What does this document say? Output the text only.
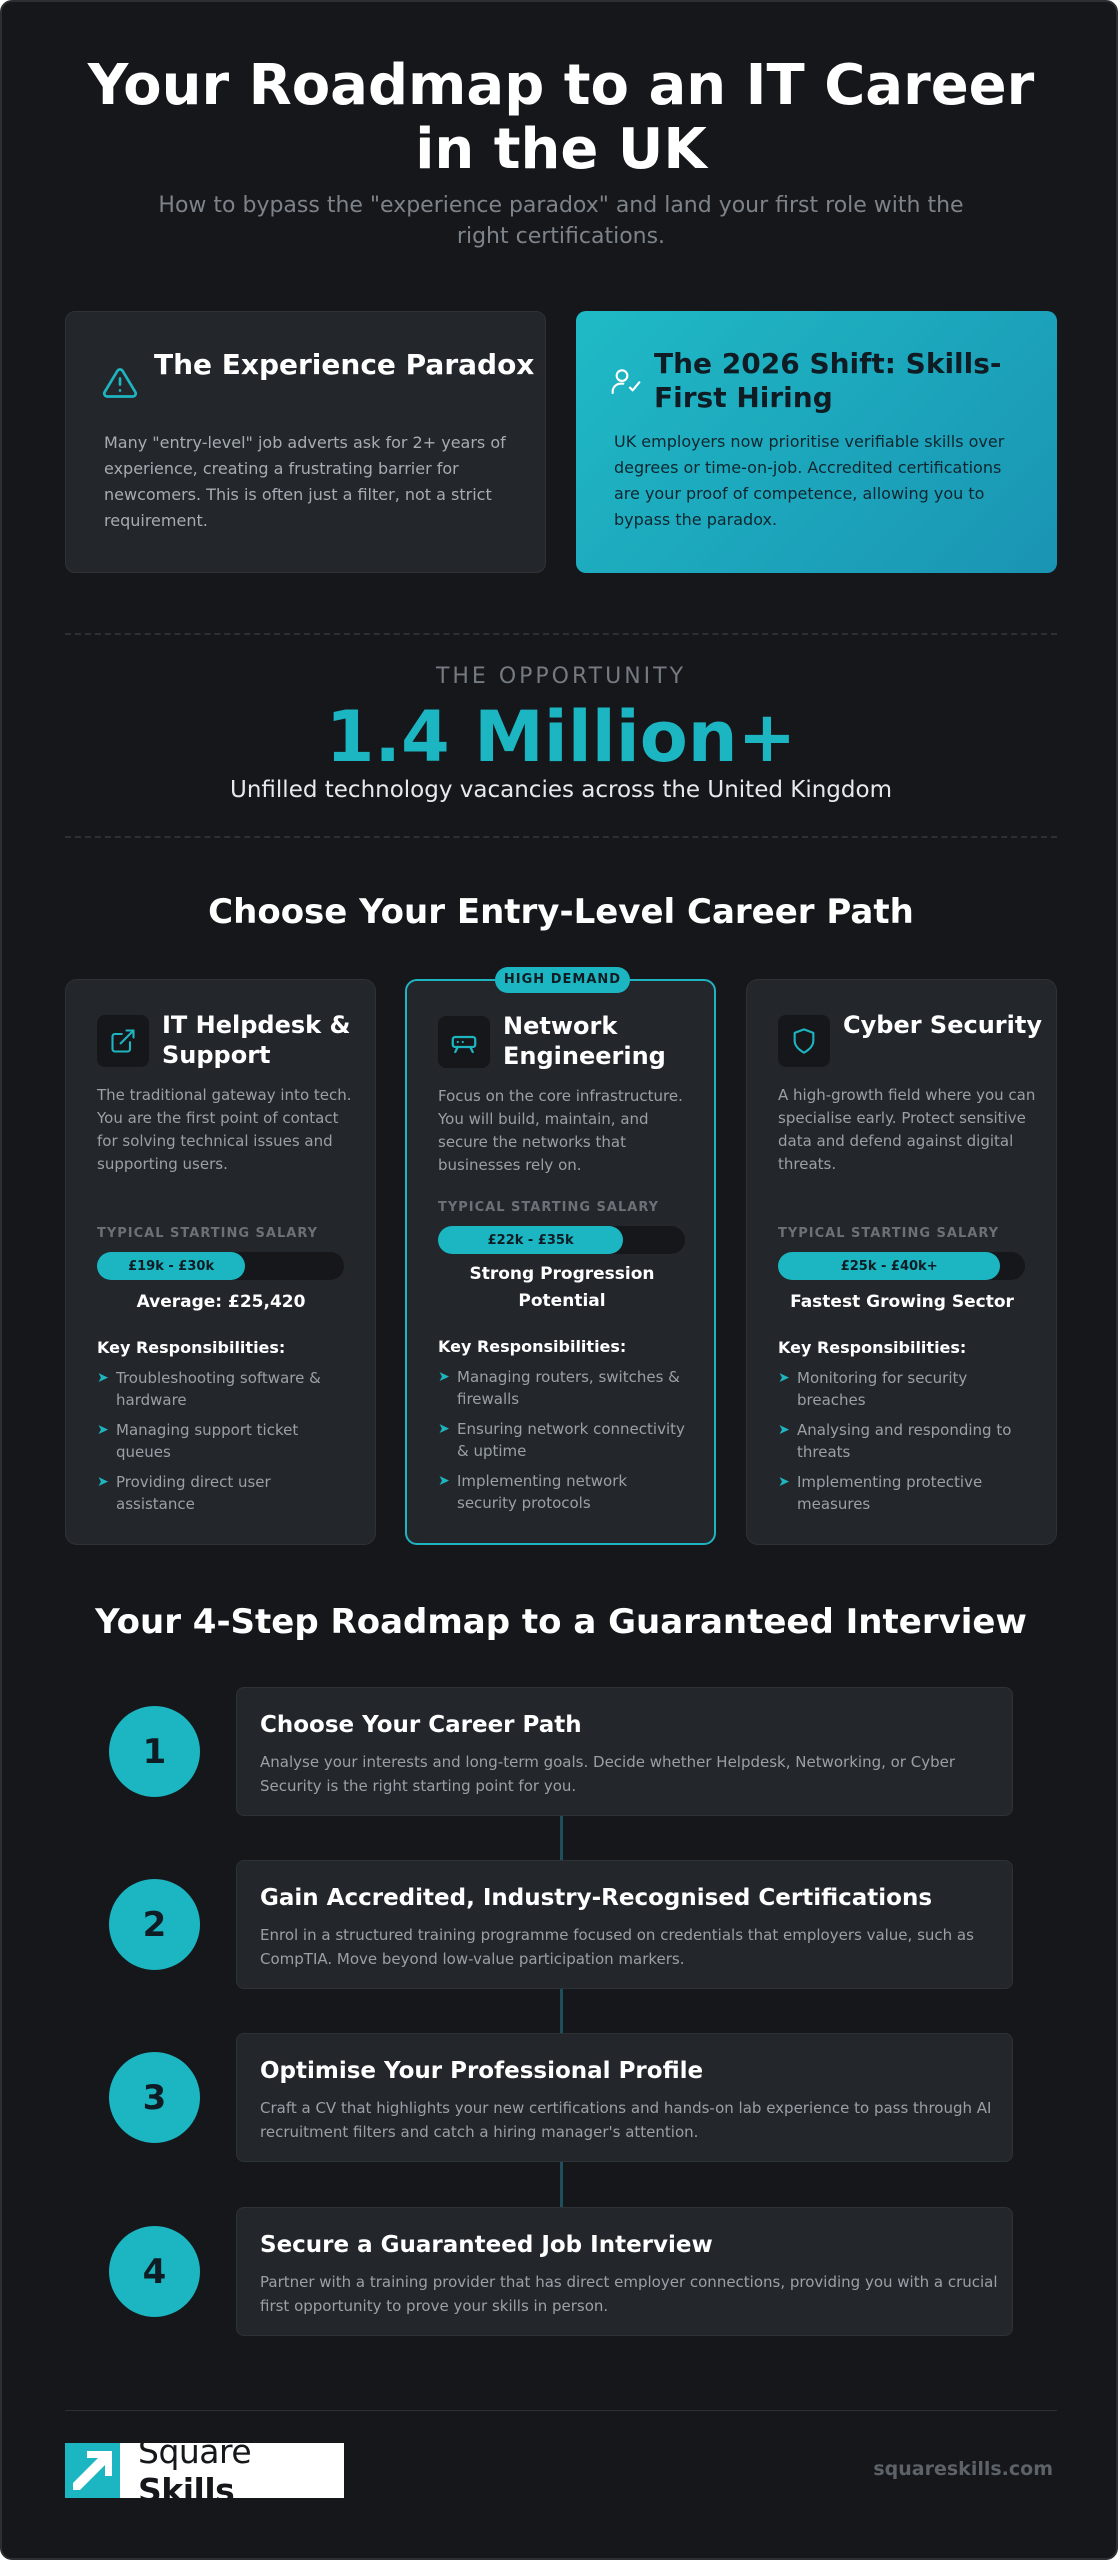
Your Roadmap to an IT Career in the UK

How to bypass the "experience paradox" and land your first role with the right certifications.

The Experience Paradox

Many "entry-level" job adverts ask for 2+ years of experience, creating a frustrating barrier for newcomers. This is often just a filter, not a strict requirement.

The 2026 Shift: Skills-First Hiring

UK employers now prioritise verifiable skills over degrees or time-on-job. Accredited certifications are your proof of competence, allowing you to bypass the paradox.

THE OPPORTUNITY
1.4 Million+
Unfilled technology vacancies across the United Kingdom
Choose Your Entry-Level Career Path
IT Helpdesk & Support
The traditional gateway into tech. You are the first point of contact for solving technical issues and supporting users.
TYPICAL STARTING SALARY
£19k - £30k
Average: £25,420
Key Responsibilities:
➤ Troubleshooting software & hardware
➤ Managing support ticket queues
➤ Providing direct user assistance
HIGH DEMAND
Network Engineering
Focus on the core infrastructure. You will build, maintain, and secure the networks that businesses rely on.
TYPICAL STARTING SALARY
£22k - £35k
Strong Progression Potential
Key Responsibilities:
➤ Managing routers, switches & firewalls
➤ Ensuring network connectivity & uptime
➤ Implementing network security protocols
Cyber Security
A high-growth field where you can specialise early. Protect sensitive data and defend against digital threats.
TYPICAL STARTING SALARY
£25k - £40k+
Fastest Growing Sector
Key Responsibilities:
➤ Monitoring for security breaches
➤ Analysing and responding to threats
➤ Implementing protective measures
Your 4-Step Roadmap to a Guaranteed Interview
1
Choose Your Career Path
Analyse your interests and long-term goals. Decide whether Helpdesk, Networking, or Cyber Security is the right starting point for you.
2
Gain Accredited, Industry-Recognised Certifications
Enrol in a structured training programme focused on credentials that employers value, such as CompTIA. Move beyond low-value participation markers.
3
Optimise Your Professional Profile
Craft a CV that highlights your new certifications and hands-on lab experience to pass through AI recruitment filters and catch a hiring manager's attention.
4
Secure a Guaranteed Job Interview
Partner with a training provider that has direct employer connections, providing you with a crucial first opportunity to prove your skills in person.
Square Skills
squareskills.com
